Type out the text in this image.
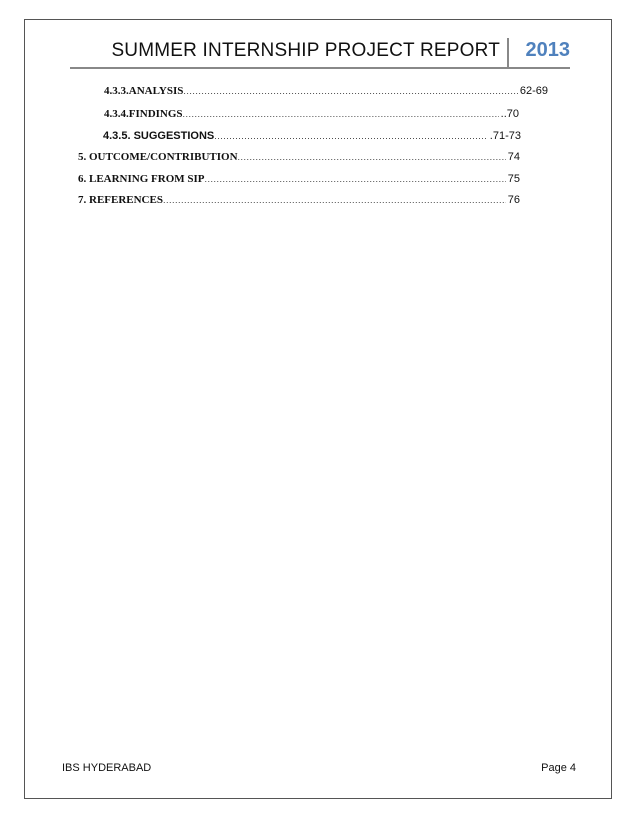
SUMMER INTERNSHIP PROJECT REPORT	2013
4.3.3.ANALYSIS .....	62-69
4.3.4.FINDINGS .....	..70
4.3.5. SUGGESTIONS .....	.71-73
5. OUTCOME/CONTRIBUTION .....	74
6. LEARNING FROM SIP .....	75
7. REFERENCES .....	76
IBS HYDERABAD	Page 4
